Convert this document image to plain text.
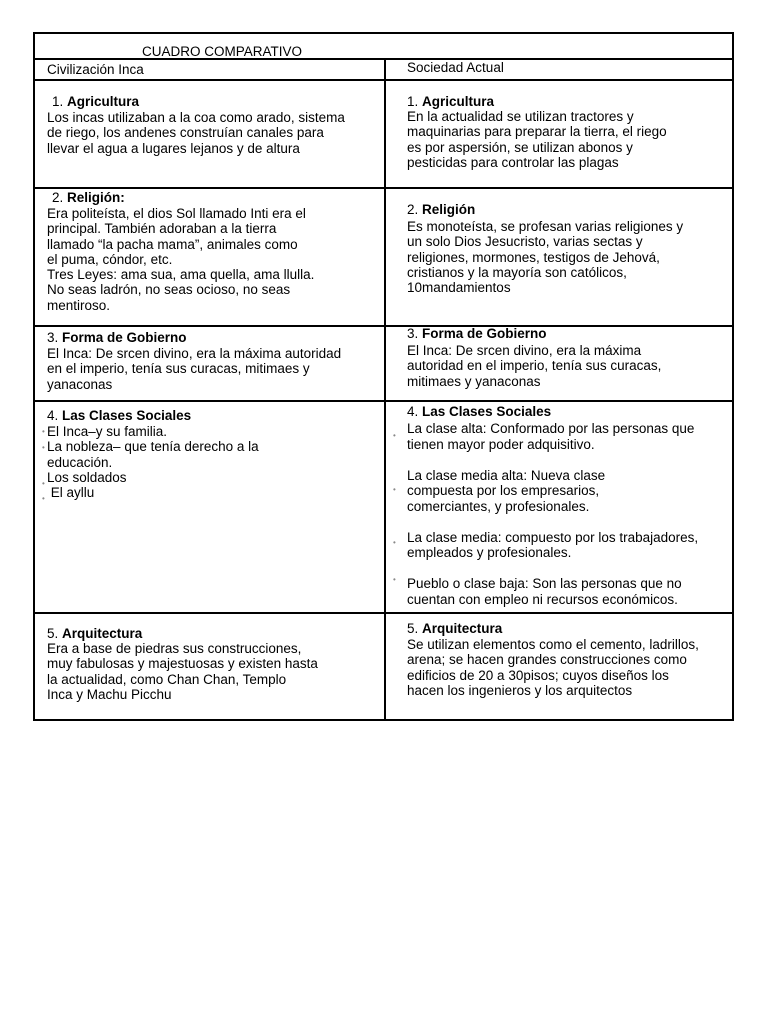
CUADRO COMPARATIVO
Civilización Inca	Sociedad Actual
1. Agricultura
Los incas utilizaban a la coa como arado, sistema
de riego, los andenes construían canales para
llevar el agua a lugares lejanos y de altura
2. Religión:
Era politeísta, el dios Sol llamado Inti era el
principal. También adoraban a la tierra
llamado “la pacha mama”, animales como
el puma, cóndor, etc.
Tres Leyes: ama sua, ama quella, ama llulla.
No seas ladrón, no seas ocioso, no seas
mentiroso.
3. Forma de Gobierno
El Inca: De srcen divino, era la máxima autoridad
en el imperio, tenía sus curacas, mitimaes y
yanaconas
4. Las Clases Sociales
El Inca–y su familia.
La nobleza– que tenía derecho a la
educación.
Los soldados
El ayllu
•
•
•
•
5. Arquitectura
Era a base de piedras sus construcciones,
muy fabulosas y majestuosas y existen hasta
la actualidad, como Chan Chan, Templo
Inca y Machu Picchu
1. Agricultura
En la actualidad se utilizan tractores y
maquinarias para preparar la tierra, el riego
es por aspersión, se utilizan abonos y
pesticidas para controlar las plagas
2. Religión
Es monoteísta, se profesan varias religiones y
un solo Dios Jesucristo, varias sectas y
religiones, mormones, testigos de Jehová,
cristianos y la mayoría son católicos,
10mandamientos
3. Forma de Gobierno
El Inca: De srcen divino, era la máxima
autoridad en el imperio, tenía sus curacas,
mitimaes y yanaconas
4. Las Clases Sociales
La clase alta: Conformado por las personas que
tienen mayor poder adquisitivo.
La clase media alta: Nueva clase
compuesta por los empresarios,
comerciantes, y profesionales.
La clase media: compuesto por los trabajadores,
empleados y profesionales.
Pueblo o clase baja: Son las personas que no
cuentan con empleo ni recursos económicos.
•
•
•
•
5. Arquitectura
Se utilizan elementos como el cemento, ladrillos,
arena; se hacen grandes construcciones como
edificios de 20 a 30pisos; cuyos diseños los
hacen los ingenieros y los arquitectos
